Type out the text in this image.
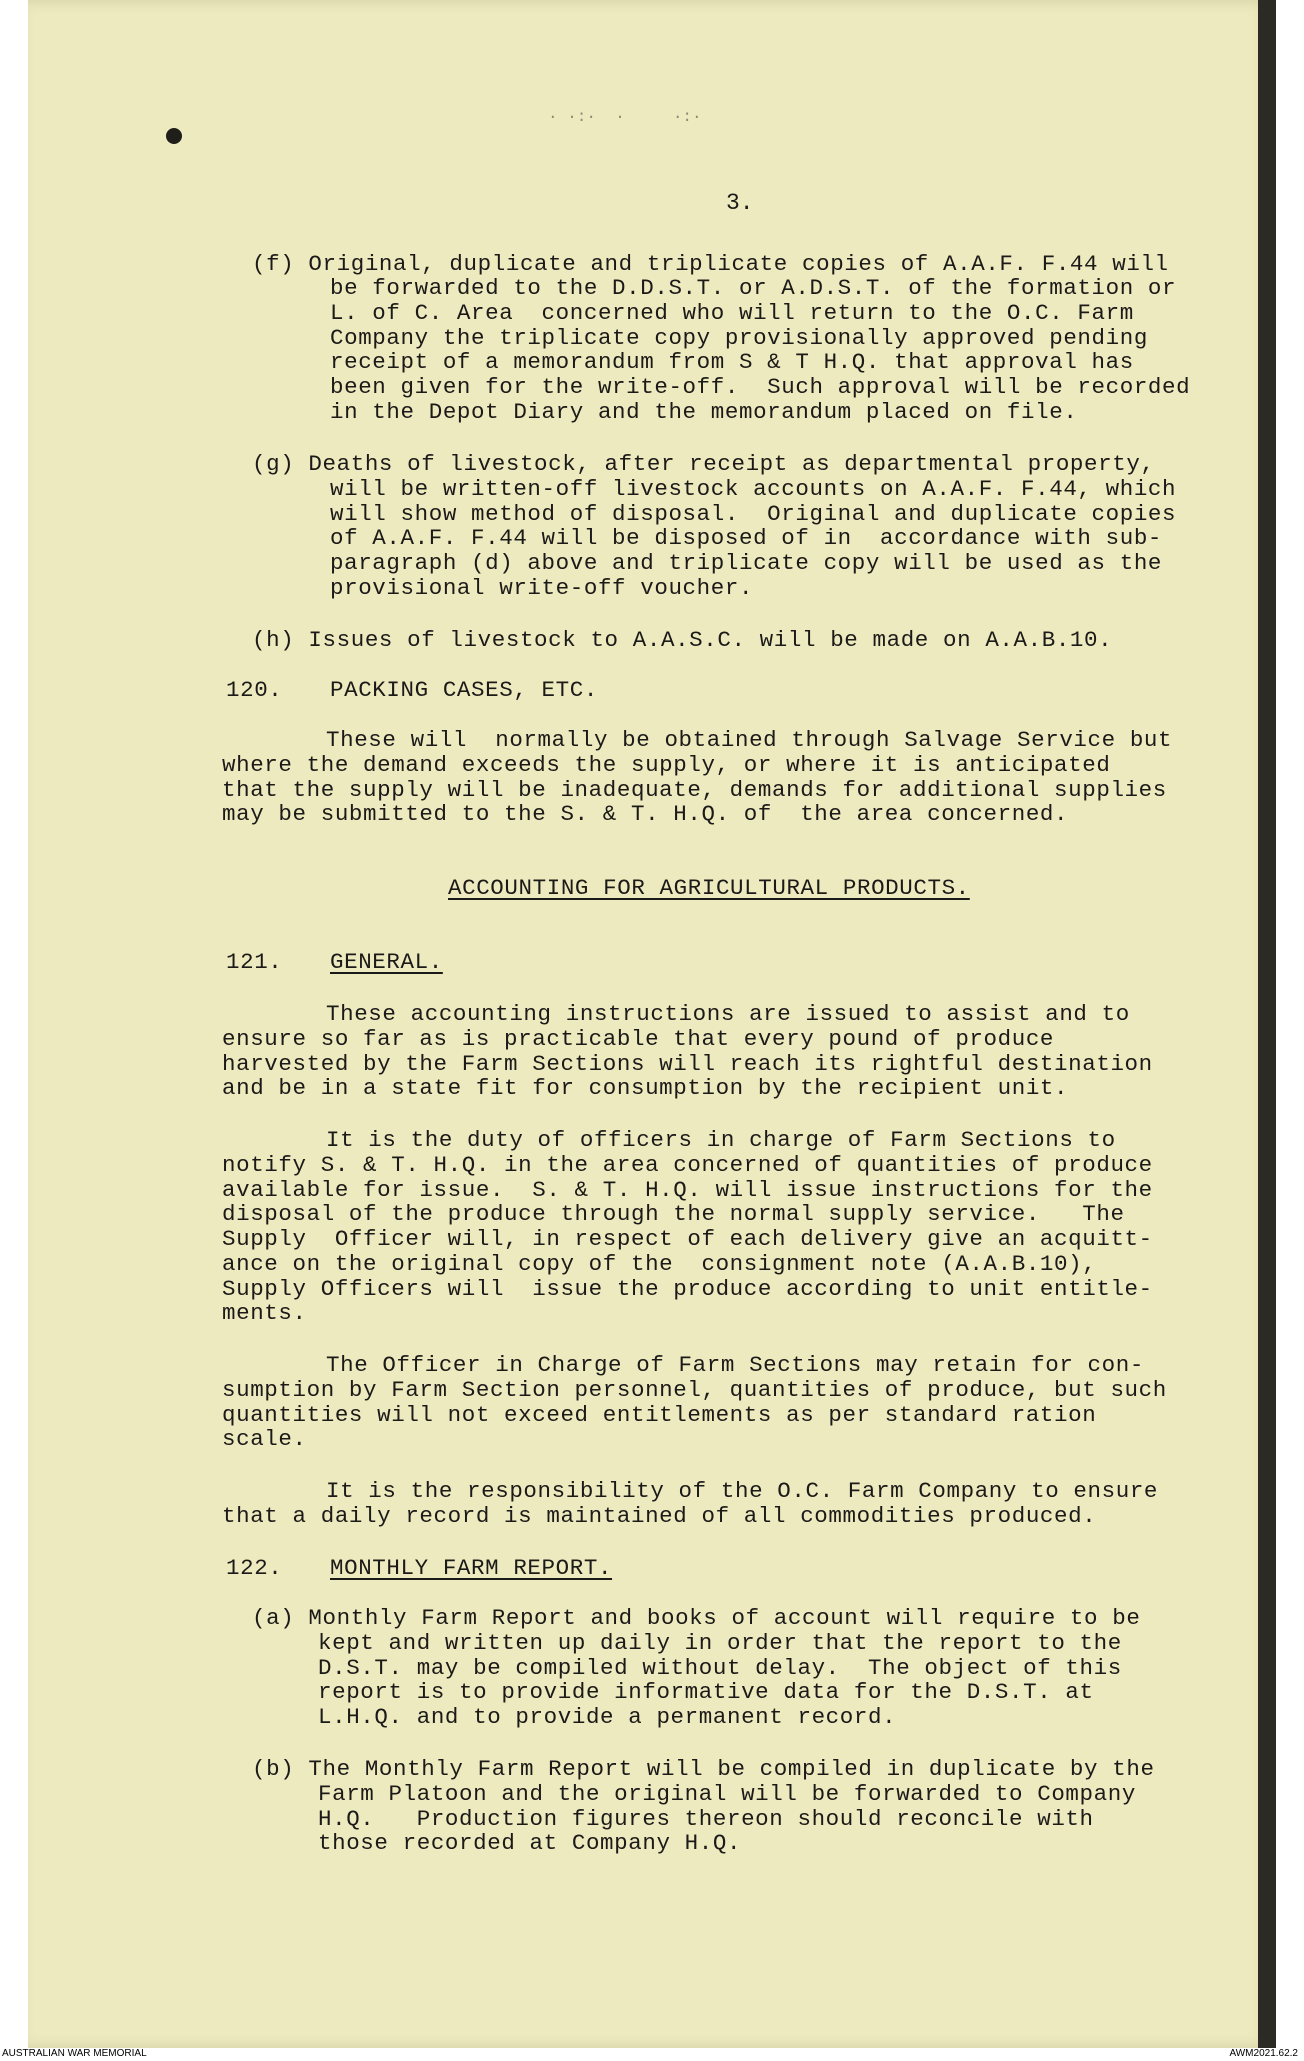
· ·:·  ·     ·:·
3.
(f) Original, duplicate and triplicate copies of A.A.F. F.44 will
be forwarded to the D.D.S.T. or A.D.S.T. of the formation or
L. of C. Area  concerned who will return to the O.C. Farm
Company the triplicate copy provisionally approved pending
receipt of a memorandum from S & T H.Q. that approval has
been given for the write-off.  Such approval will be recorded
in the Depot Diary and the memorandum placed on file.
(g) Deaths of livestock, after receipt as departmental property,
will be written-off livestock accounts on A.A.F. F.44, which
will show method of disposal.  Original and duplicate copies
of A.A.F. F.44 will be disposed of in  accordance with sub-
paragraph (d) above and triplicate copy will be used as the
provisional write-off voucher.
(h) Issues of livestock to A.A.S.C. will be made on A.A.B.10.
120. PACKING CASES, ETC.
These will  normally be obtained through Salvage Service but
where the demand exceeds the supply, or where it is anticipated
that the supply will be inadequate, demands for additional supplies
may be submitted to the S. & T. H.Q. of  the area concerned.
ACCOUNTING FOR AGRICULTURAL PRODUCTS.
121. GENERAL.
These accounting instructions are issued to assist and to
ensure so far as is practicable that every pound of produce
harvested by the Farm Sections will reach its rightful destination
and be in a state fit for consumption by the recipient unit.
It is the duty of officers in charge of Farm Sections to
notify S. & T. H.Q. in the area concerned of quantities of produce
available for issue.  S. & T. H.Q. will issue instructions for the
disposal of the produce through the normal supply service.   The
Supply  Officer will, in respect of each delivery give an acquitt-
ance on the original copy of the  consignment note (A.A.B.10),
Supply Officers will  issue the produce according to unit entitle-
ments.
The Officer in Charge of Farm Sections may retain for con-
sumption by Farm Section personnel, quantities of produce, but such
quantities will not exceed entitlements as per standard ration
scale.
It is the responsibility of the O.C. Farm Company to ensure
that a daily record is maintained of all commodities produced.
122. MONTHLY FARM REPORT.
(a) Monthly Farm Report and books of account will require to be
kept and written up daily in order that the report to the
D.S.T. may be compiled without delay.  The object of this
report is to provide informative data for the D.S.T. at
L.H.Q. and to provide a permanent record.
(b) The Monthly Farm Report will be compiled in duplicate by the
Farm Platoon and the original will be forwarded to Company
H.Q.   Production figures thereon should reconcile with
those recorded at Company H.Q.
AUSTRALIAN WAR MEMORIAL	AWM2021.62.2
